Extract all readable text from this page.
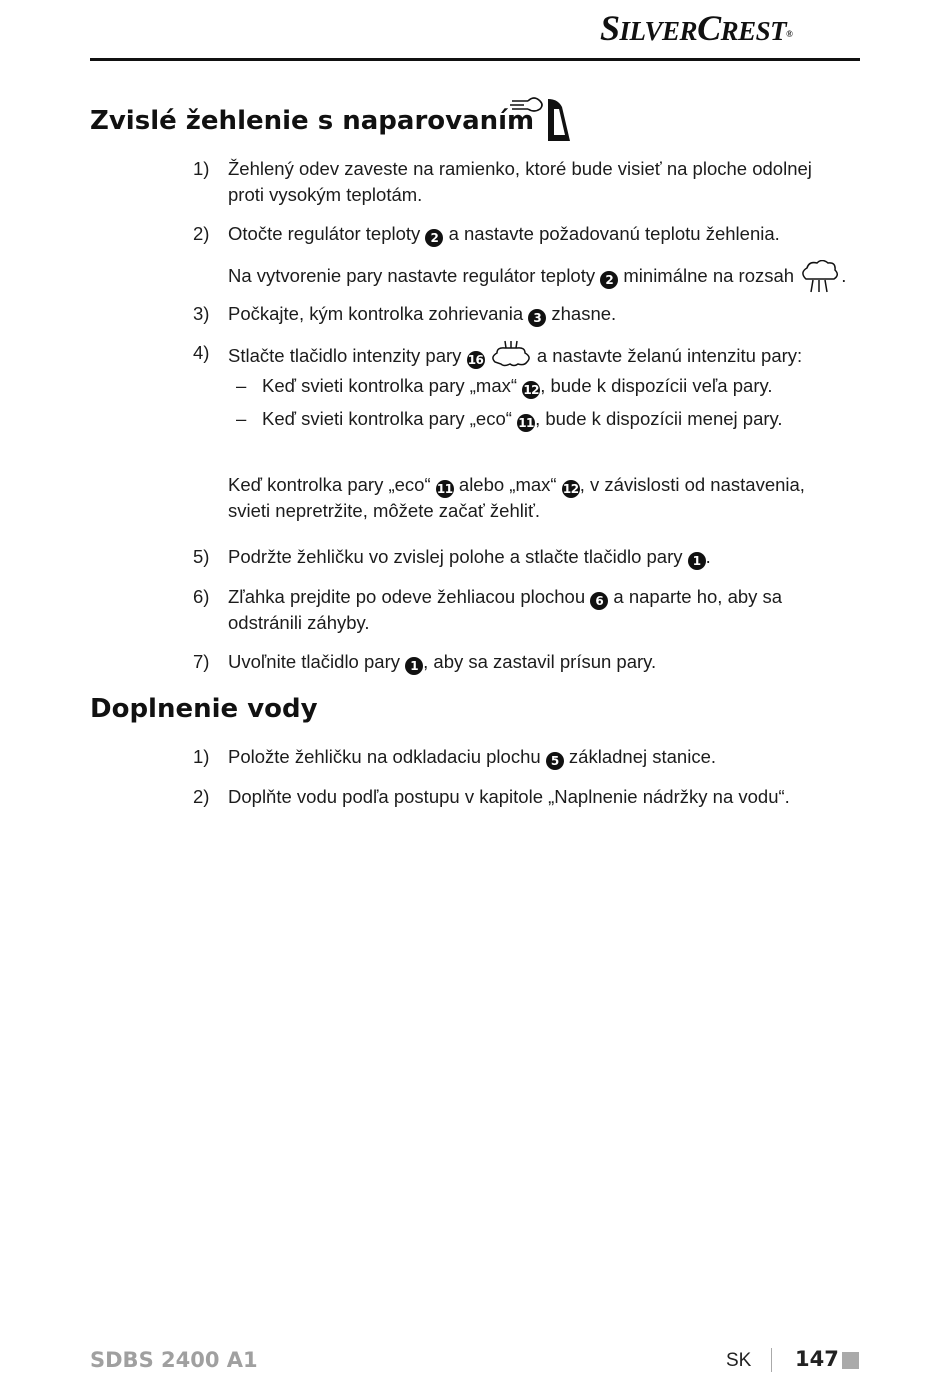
SILVERCREST®
Zvislé žehlenie s naparovaním
1) Žehlený odev zaveste na ramienko, ktoré bude visieť na ploche odolnej
proti vysokým teplotám.
2) Otočte regulátor teploty 2 a nastavte požadovanú teplotu žehlenia.
Na vytvorenie pary nastavte regulátor teploty 2 minimálne na rozsah .
3) Počkajte, kým kontrolka zohrievania 3 zhasne.
4) Stlačte tlačidlo intenzity pary 16	a nastavte želanú intenzitu pary:
– Keď svieti kontrolka pary „max“ 12, bude k dispozícii veľa pary.
– Keď svieti kontrolka pary „eco“ 11, bude k dispozícii menej pary.
Keď kontrolka pary „eco“ 11 alebo „max“ 12, v závislosti od nastavenia,
svieti nepretržite, môžete začať žehliť.
5) Podržte žehličku vo zvislej polohe a stlačte tlačidlo pary 1 .
6) Zľahka prejdite po odeve žehliacou plochou 6 a naparte ho, aby sa
odstránili záhyby.
7) Uvoľnite tlačidlo pary 1 , aby sa zastavil prísun pary.
Doplnenie vody
1) Položte žehličku na odkladaciu plochu 5 základnej stanice.
2) Doplňte vodu podľa postupu v kapitole „Naplnenie nádržky na vodu“.
SDBS 2400 A1	SK 147
